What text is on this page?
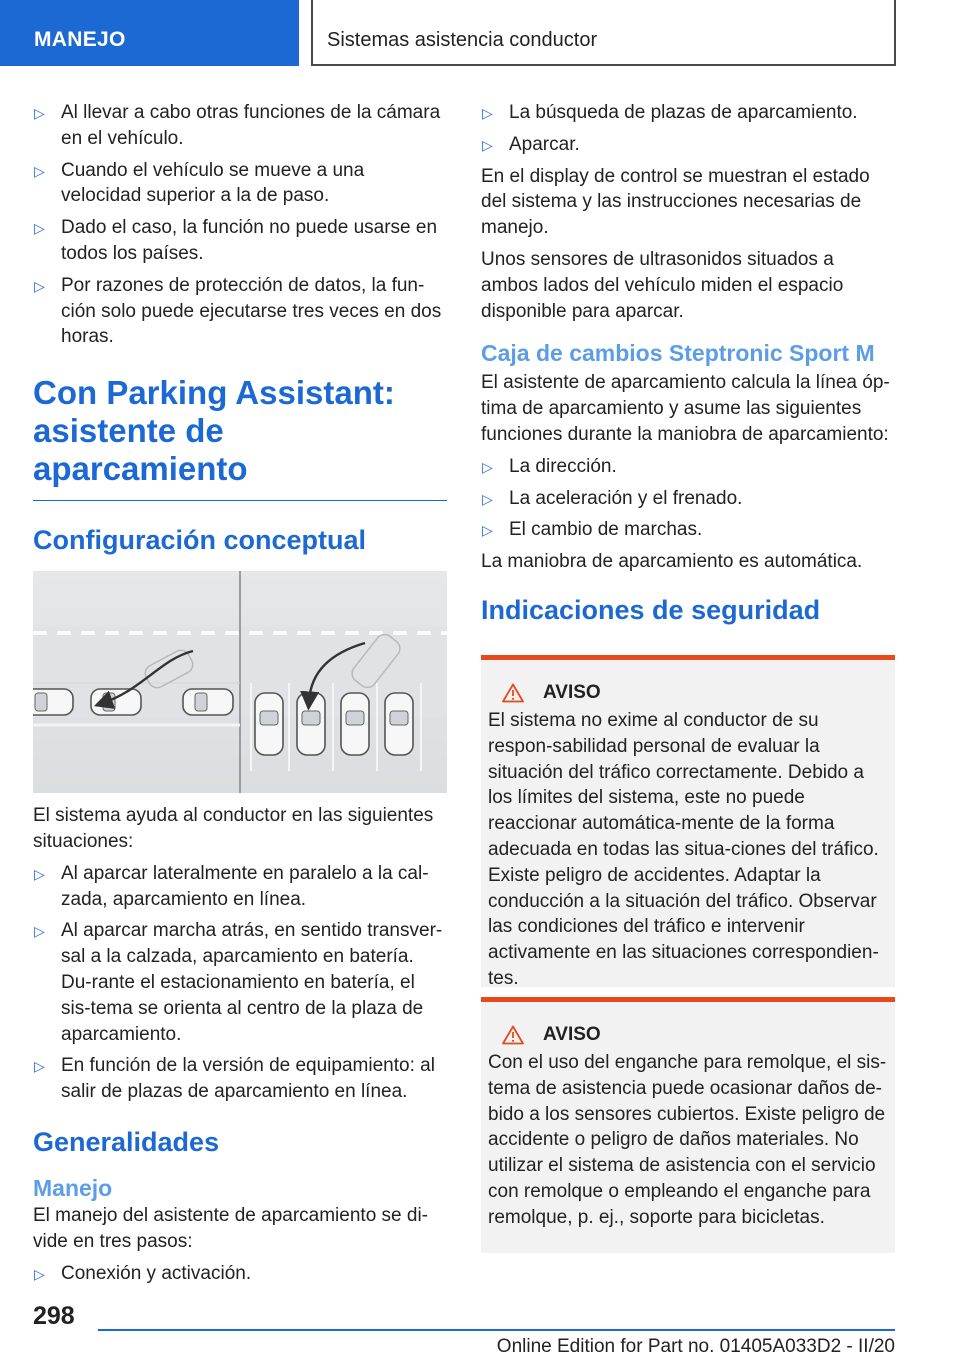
MANEJO	Sistemas asistencia conductor
▷ Al llevar a cabo otras funciones de la cámara en el vehículo.
▷ Cuando el vehículo se mueve a una velocidad superior a la de paso.
▷ Dado el caso, la función no puede usarse en todos los países.
▷ Por razones de protección de datos, la fun-ción solo puede ejecutarse tres veces en dos horas.
Con Parking Assistant: asistente de aparcamiento
Configuración conceptual

El sistema ayuda al conductor en las siguientes situaciones:

▷ Al aparcar lateralmente en paralelo a la cal-zada, aparcamiento en línea.
▷ Al aparcar marcha atrás, en sentido transver-sal a la calzada, aparcamiento en batería. Du-rante el estacionamiento en batería, el sis-tema se orienta al centro de la plaza de aparcamiento.
▷ En función de la versión de equipamiento: al salir de plazas de aparcamiento en línea.
Generalidades
Manejo

El manejo del asistente de aparcamiento se di-vide en tres pasos:

▷ Conexión y activación.
▷ La búsqueda de plazas de aparcamiento.
▷ Aparcar.

En el display de control se muestran el estado del sistema y las instrucciones necesarias de manejo.

Unos sensores de ultrasonidos situados a ambos lados del vehículo miden el espacio disponible para aparcar.

Caja de cambios Steptronic Sport M

El asistente de aparcamiento calcula la línea óp-tima de aparcamiento y asume las siguientes funciones durante la maniobra de aparcamiento:

▷ La dirección.
▷ La aceleración y el frenado.
▷ El cambio de marchas.

La maniobra de aparcamiento es automática.

Indicaciones de seguridad
AVISO

El sistema no exime al conductor de su respon-sabilidad personal de evaluar la situación del tráfico correctamente. Debido a los límites del sistema, este no puede reaccionar automática-mente de la forma adecuada en todas las situa-ciones del tráfico. Existe peligro de accidentes. Adaptar la conducción a la situación del tráfico. Observar las condiciones del tráfico e intervenir activamente en las situaciones correspondien-tes.

AVISO

Con el uso del enganche para remolque, el sis-tema de asistencia puede ocasionar daños de-bido a los sensores cubiertos. Existe peligro de accidente o peligro de daños materiales. No utilizar el sistema de asistencia con el servicio con remolque o empleando el enganche para remolque, p. ej., soporte para bicicletas.

298
Online Edition for Part no. 01405A033D2 - II/20
